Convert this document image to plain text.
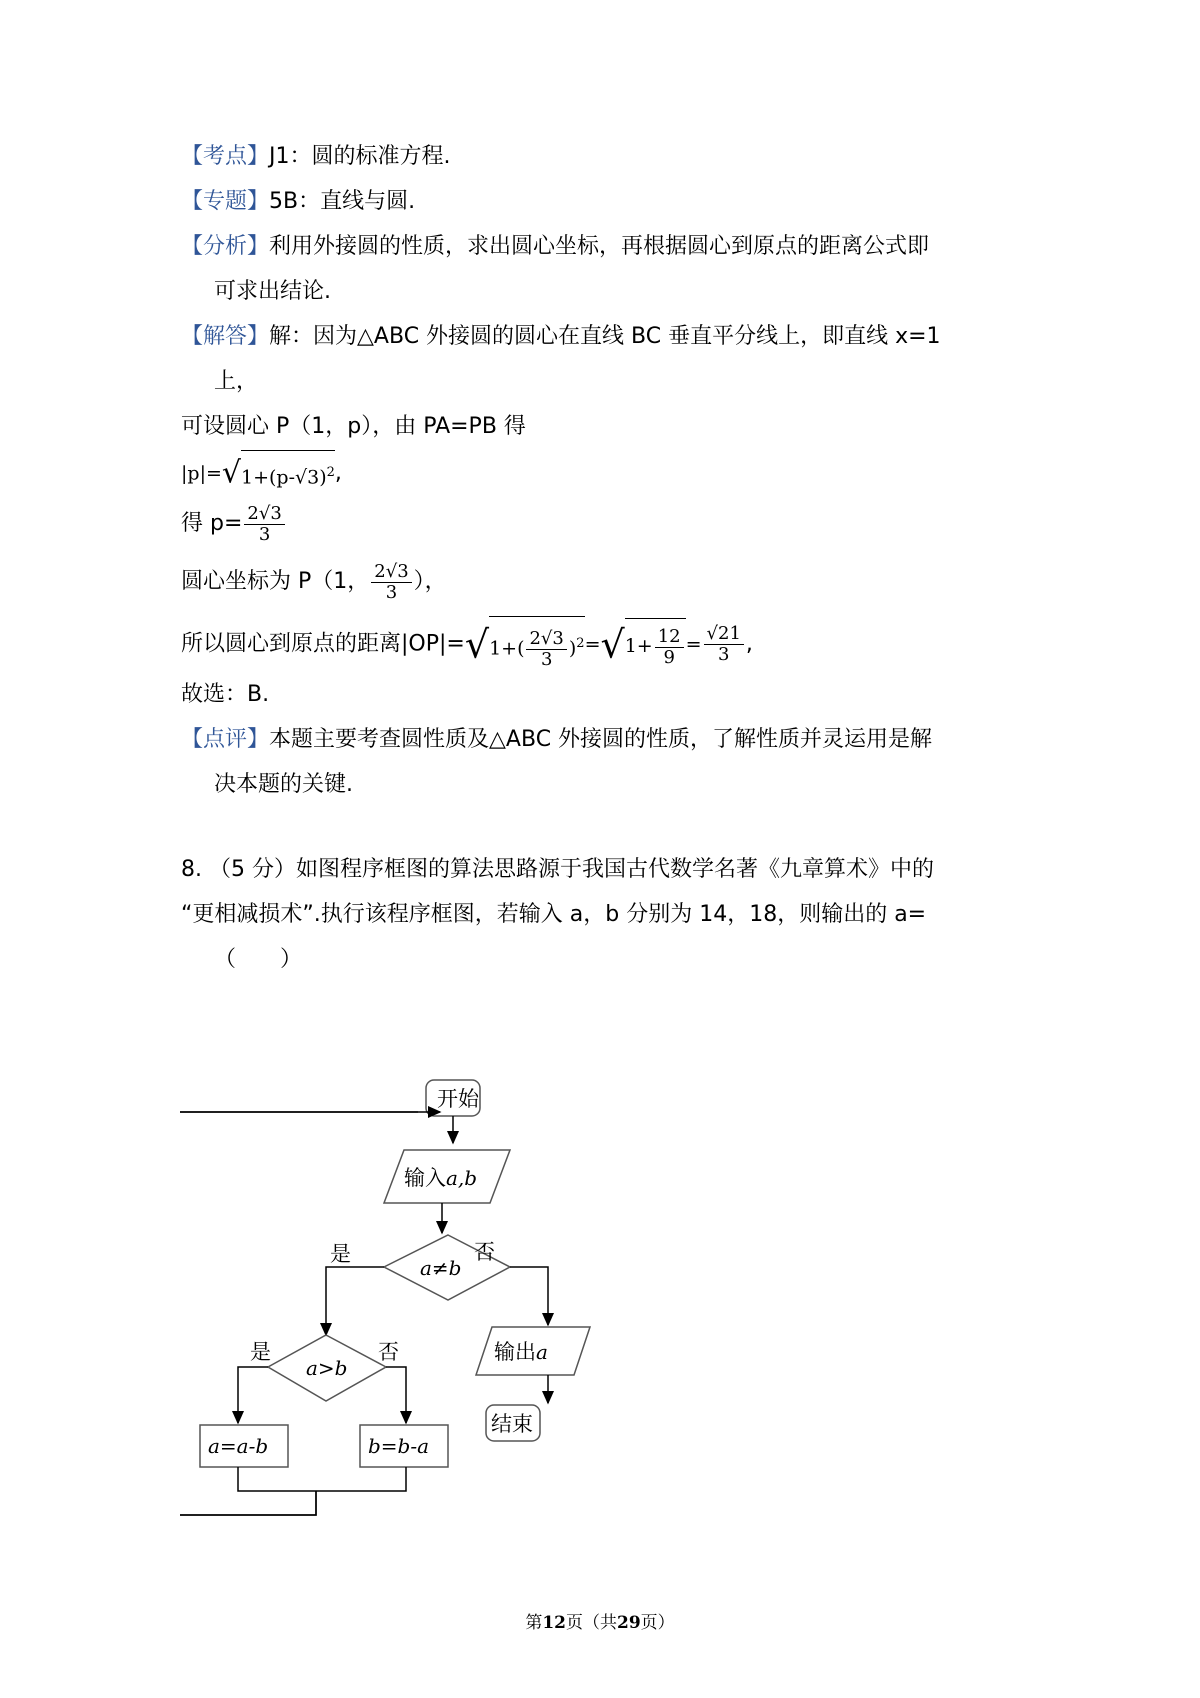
【考点】J1：圆的标准方程.
【专题】5B：直线与圆.
【分析】利用外接圆的性质，求出圆心坐标，再根据圆心到原点的距离公式即
可求出结论.
【解答】解：因为△ABC 外接圆的圆心在直线 BC 垂直平分线上，即直线 x=1
上，
可设圆心 P（1，p），由 PA=PB 得
$|p|=√1+(p-√3)^2$,
得 $p= \frac{2√3}{3}$
圆心坐标为 P（1， $\frac{2√3}{3}$ ），
所以圆心到原点的距离$|OP|=√1+( \frac{2√3}{3} )^2=√1+ \frac{12}{9} = \frac{√21}{3}$ ,
故选：B.
【点评】本题主要考查圆性质及△ABC 外接圆的性质，了解性质并灵运用是解
决本题的关键.
8. （5 分）如图程序框图的算法思路源于我国古代数学名著《九章算术》中的
“更相减损术”.执行该程序框图，若输入 a，b 分别为 14，18，则输出的 a=
（　　）
开始
输入a,b
a≠b
是	否
a>b
是	否
a=a-b	b=b-a
输出a
结束
第12页（共29页）
